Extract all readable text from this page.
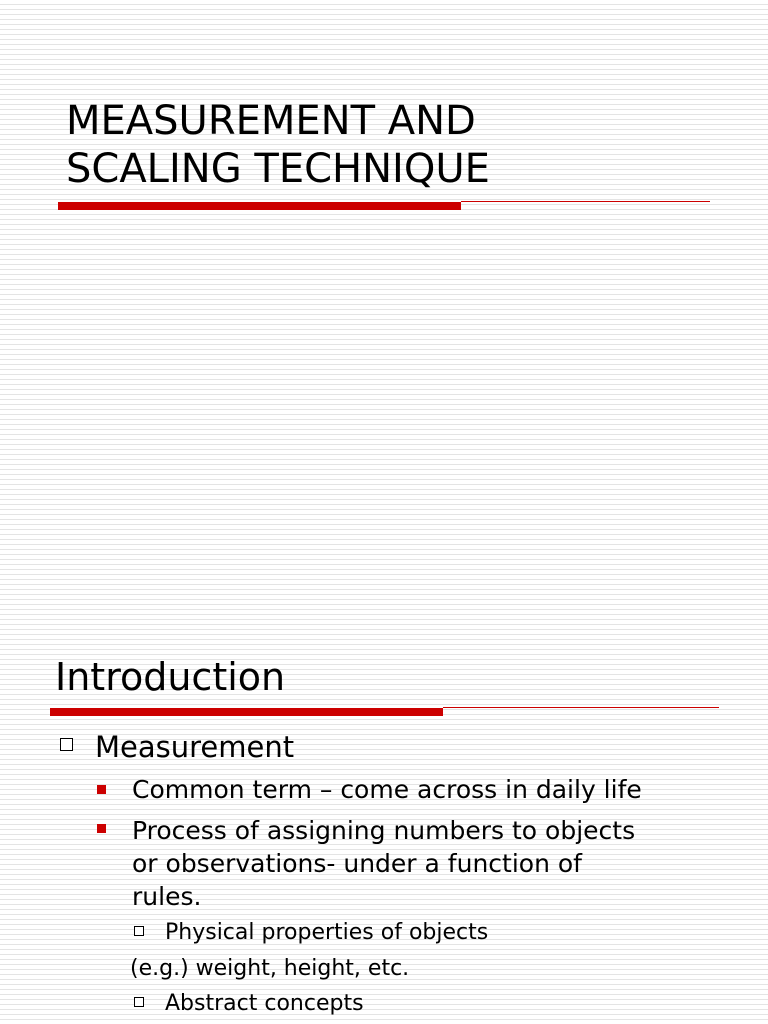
MEASUREMENT AND
SCALING TECHNIQUE
Introduction
Measurement
Common term – come across in daily life
Process of assigning numbers to objects
or observations- under a function of
rules.
Physical properties of objects
(e.g.) weight, height, etc.
Abstract concepts
